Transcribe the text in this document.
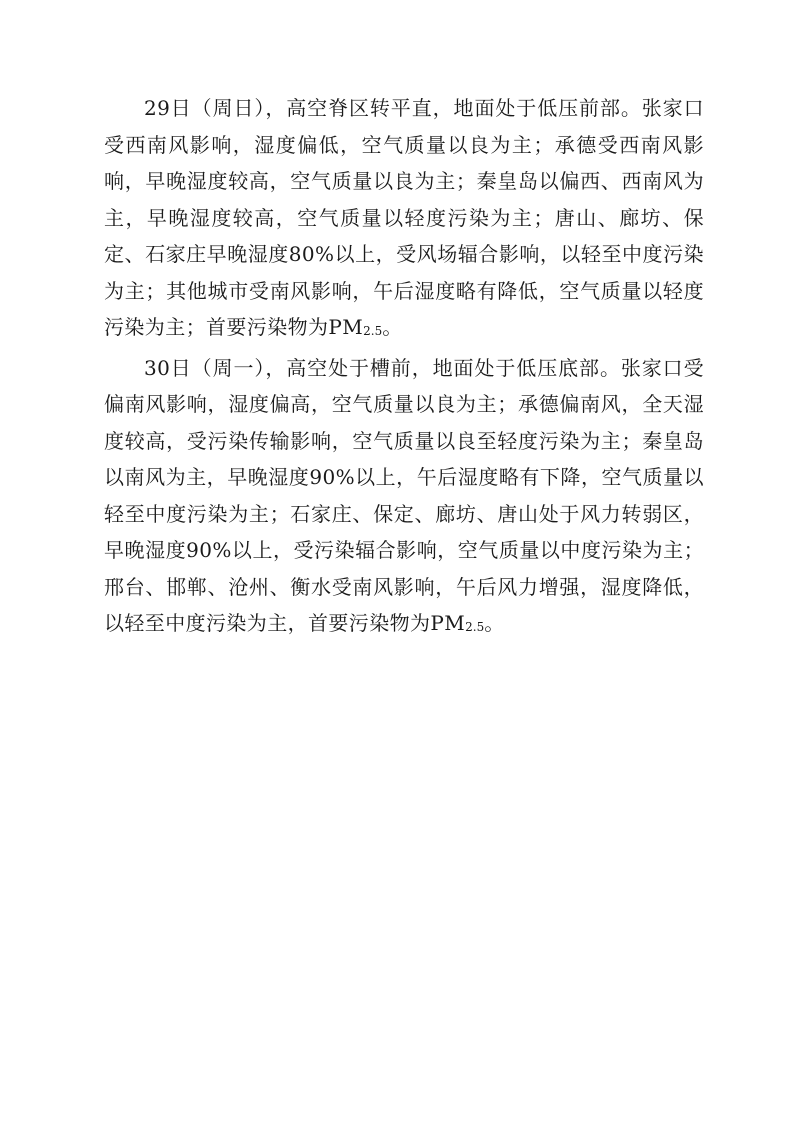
29日（周日），高空脊区转平直，地面处于低压前部。张家口受西南风影响，湿度偏低，空气质量以良为主；承德受西南风影响，早晚湿度较高，空气质量以良为主；秦皇岛以偏西、西南风为主，早晚湿度较高，空气质量以轻度污染为主；唐山、廊坊、保定、石家庄早晚湿度80%以上，受风场辐合影响，以轻至中度污染为主；其他城市受南风影响，午后湿度略有降低，空气质量以轻度污染为主；首要污染物为PM2.5。

30日（周一），高空处于槽前，地面处于低压底部。张家口受偏南风影响，湿度偏高，空气质量以良为主；承德偏南风，全天湿度较高，受污染传输影响，空气质量以良至轻度污染为主；秦皇岛以南风为主，早晚湿度90%以上，午后湿度略有下降，空气质量以轻至中度污染为主；石家庄、保定、廊坊、唐山处于风力转弱区，早晚湿度90%以上，受污染辐合影响，空气质量以中度污染为主；邢台、邯郸、沧州、衡水受南风影响，午后风力增强，湿度降低，以轻至中度污染为主，首要污染物为PM2.5。
